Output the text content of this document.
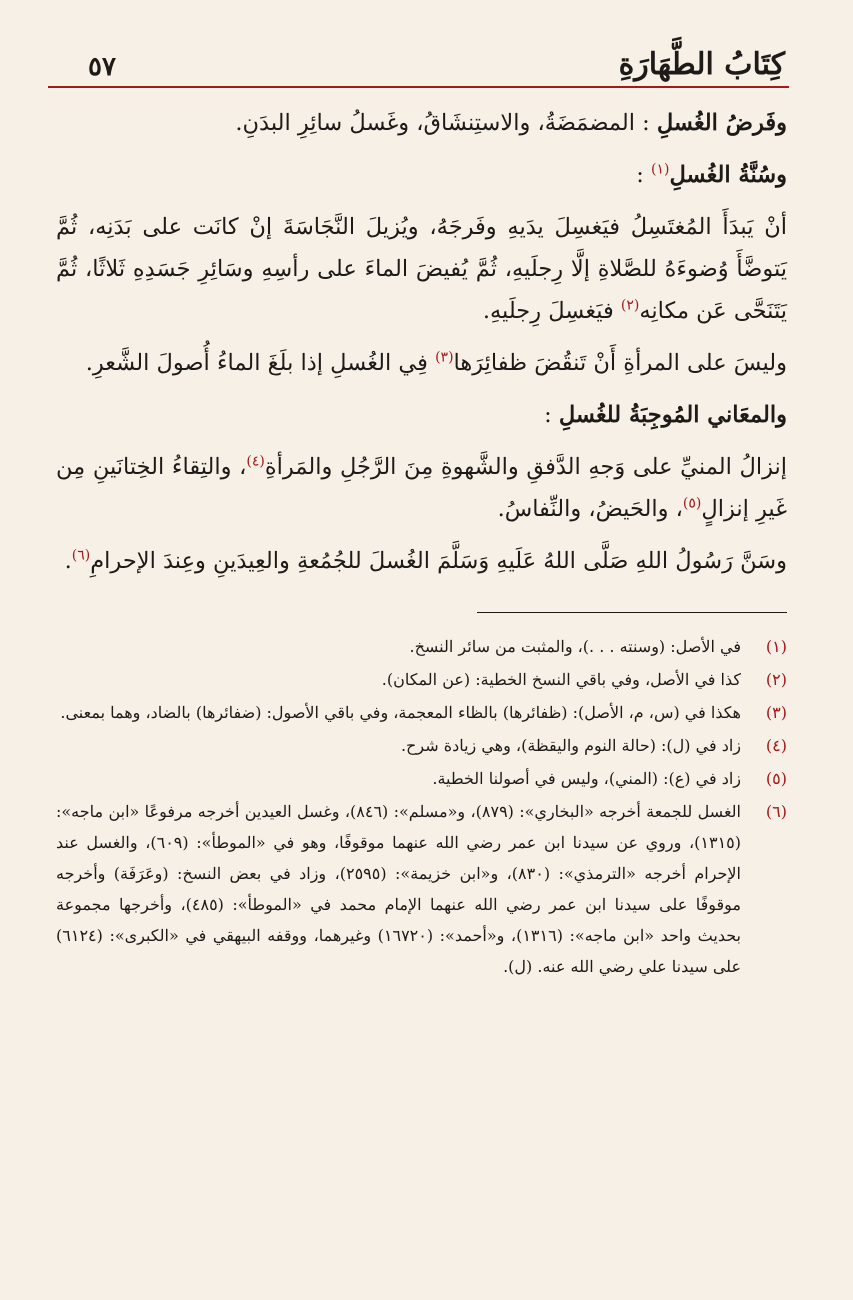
كِتَابُ الطَّهَارَةِ
٥٧

وفَرضُ الغُسلِ : المضمَضَةُ، والاستِنشَاقُ، وغَسلُ سائِرِ البدَنِ.

وسُنَّةُ الغُسلِ$^{(١)}$ :

أنْ يَبدَأَ المُغتَسِلُ فيَغسِلَ يدَيهِ وفَرجَهُ، ويُزيلَ النَّجَاسَةَ إنْ كانَت على بَدَنِه، ثُمَّ يَتوضَّأَ وُضوءَهُ للصَّلاةِ إلَّا رِجلَيهِ، ثُمَّ يُفيضَ الماءَ على رأسِهِ وسَائِرِ جَسَدِهِ ثَلاثًا، ثُمَّ يَتَنَحَّى عَن مكانِه$^{(٢)}$ فيَغسِلَ رِجلَيهِ.

وليسَ على المرأةِ أَنْ تَنقُضَ ظفائِرَها$^{(٣)}$ فِي الغُسلِ إذا بلَغَ الماءُ أُصولَ الشَّعرِ.

والمعَاني المُوجِبَةُ للغُسلِ :

إنزالُ المنيِّ على وَجهِ الدَّفقِ والشَّهوةِ مِنَ الرَّجُلِ والمَرأةِ$^{(٤)}$، والتِقاءُ الخِتانَينِ مِن غَيرِ إنزالٍ$^{(٥)}$، والحَيضُ، والنِّفاسُ.

وسَنَّ رَسُولُ اللهِ صَلَّى اللهُ عَلَيهِ وَسَلَّمَ الغُسلَ للجُمُعةِ والعِيدَينِ وعِندَ الإحرامِ$^{(٦)}$.

(١)
في الأصل: (وسنته . . .)، والمثبت من سائر النسخ.
(٢)
كذا في الأصل، وفي باقي النسخ الخطية: (عن المكان).
(٣)
هكذا في (س، م، الأصل): (ظفائرها) بالظاء المعجمة، وفي باقي الأصول: (ضفائرها) بالضاد، وهما بمعنى.
(٤)
زاد في (ل): (حالة النوم واليقظة)، وهي زيادة شرح.
(٥)
زاد في (ع): (المني)، وليس في أصولنا الخطية.
(٦)
الغسل للجمعة أخرجه «البخاري»: (٨٧٩)، و«مسلم»: (٨٤٦)، وغسل العيدين أخرجه مرفوعًا «ابن ماجه»: (١٣١٥)، وروي عن سيدنا ابن عمر رضي الله عنهما موقوفًا، وهو في «الموطأ»: (٦٠٩)، والغسل عند الإحرام أخرجه «الترمذي»: (٨٣٠)، و«ابن خزيمة»: (٢٥٩٥)، وزاد في بعض النسخ: (وعَرَفَة) وأخرجه موقوفًا على سيدنا ابن عمر رضي الله عنهما الإمام محمد في «الموطأ»: (٤٨٥)، وأخرجها مجموعة بحديث واحد «ابن ماجه»: (١٣١٦)، و«أحمد»: (١٦٧٢٠) وغيرهما، ووقفه البيهقي في «الكبرى»: (٦١٢٤) على سيدنا علي رضي الله عنه. (ل).
